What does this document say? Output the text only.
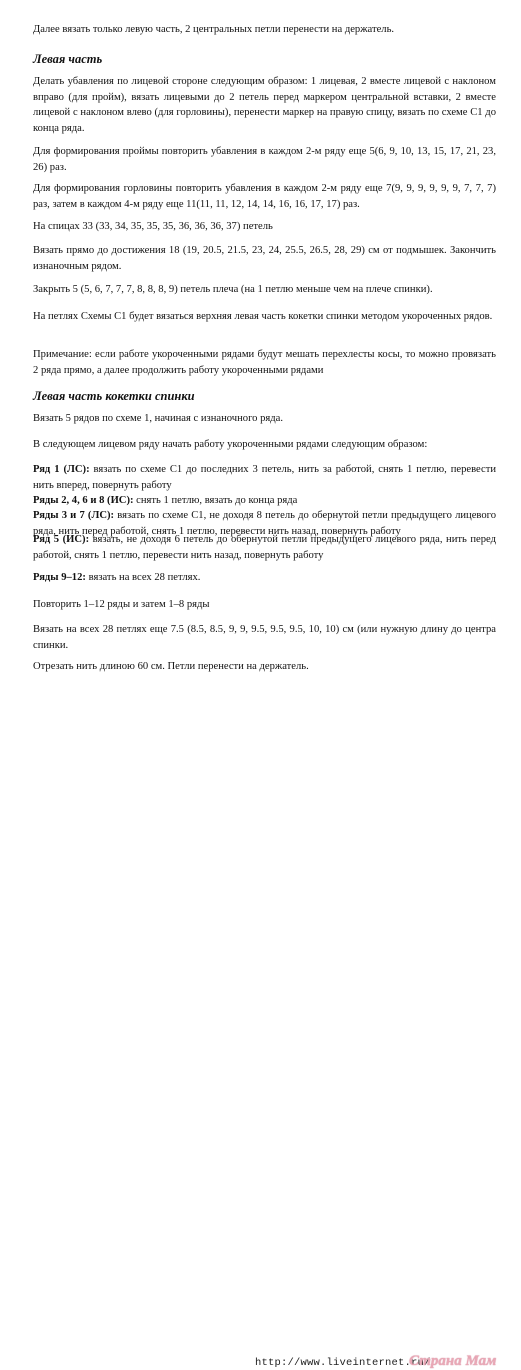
Далее вязать только левую часть, 2 центральных петли перенести на держатель.

Левая часть

Делать убавления по лицевой стороне следующим образом: 1 лицевая, 2 вместе лицевой с наклоном вправо (для пройм), вязать лицевыми до 2 петель перед маркером центральной вставки, 2 вместе лицевой с наклоном влево (для горловины), перенести маркер на правую спицу, вязать по схеме С1 до конца ряда.

Для формирования проймы повторить убавления в каждом 2-м ряду еще 5(6, 9, 10, 13, 15, 17, 21, 23, 26) раз.

Для формирования горловины повторить убавления в каждом 2-м ряду еще 7(9, 9, 9, 9, 9, 9, 7, 7, 7) раз, затем в каждом 4-м ряду еще 11(11, 11, 12, 14, 14, 16, 16, 17, 17) раз.

На спицах 33 (33, 34, 35, 35, 35, 36, 36, 36, 37) петель

Вязать прямо до достижения 18 (19, 20.5, 21.5, 23, 24, 25.5, 26.5, 28, 29) см от подмышек. Закончить изнаночным рядом.

Закрыть 5 (5, 6, 7, 7, 7, 8, 8, 8, 9) петель плеча (на 1 петлю меньше чем на плече спинки).

На петлях Схемы С1 будет вязаться верхняя левая часть кокетки спинки методом укороченных рядов.

Примечание: если работе укороченными рядами будут мешать перехлесты косы, то можно провязать 2 ряда прямо, а далее продолжить работу укороченными рядами

Левая часть кокетки спинки

Вязать 5 рядов по схеме 1, начиная с изнаночного ряда.

В следующем лицевом ряду начать работу укороченными рядами следующим образом:

Ряд 1 (ЛС): вязать по схеме С1 до последних 3 петель, нить за работой, снять 1 петлю, перевести нить вперед, повернуть работу

Ряды 2, 4, 6 и 8 (ИС): снять 1 петлю, вязать до конца ряда

Ряды 3 и 7 (ЛС): вязать по схеме С1, не доходя 8 петель до обернутой петли предыдущего лицевого ряда, нить перед работой, снять 1 петлю, перевести нить назад, повернуть работу

Ряд 5 (ИС): вязать, не доходя 6 петель до обернутой петли предыдущего лицевого ряда, нить перед работой, снять 1 петлю, перевести нить назад, повернуть работу

Ряды 9–12: вязать на всех 28 петлях.

Повторить 1–12 ряды и затем 1–8 ряды

Вязать на всех 28 петлях еще 7.5 (8.5, 8.5, 9, 9, 9.5, 9.5, 9.5, 10, 10) см (или нужную длину до центра спинки.

Отрезать нить длиною 60 см. Петли перенести на держатель.

http://www.liveinternet.ru/
Страна Мам
